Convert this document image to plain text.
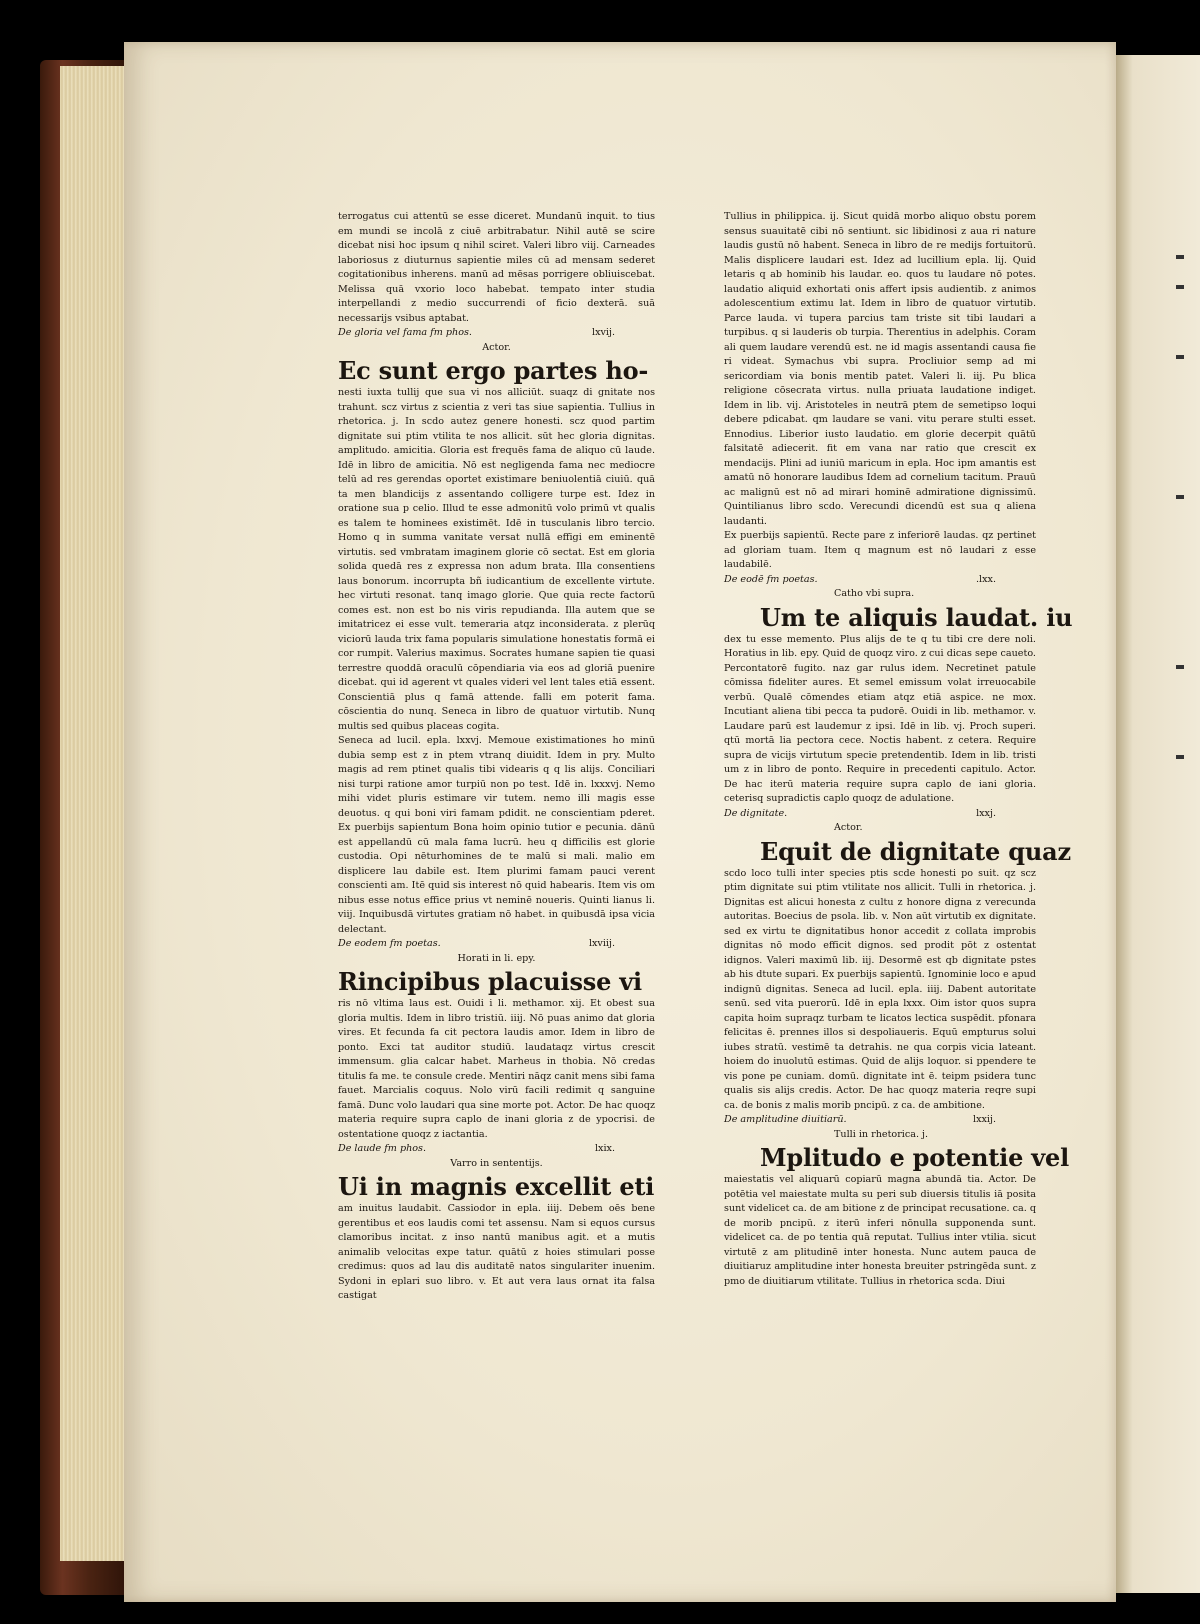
terrogatus cui attentū se esse diceret. Mundanū inquit. to tius em mundi se incolā z ciuē arbitrabatur. Nihil autē se scire dicebat nisi hoc ipsum q nihil sciret. Valeri libro viij. Carneades laboriosus z diuturnus sapientie miles cū ad mensam sederet cogitationibus inherens. manū ad mēsas porrigere obliuiscebat. Melissa quā vxorio loco habebat. tempato inter studia interpellandi z medio succurrendi of ficio dexterā. suā necessarijs vsibus aptabat.

lxvij.
De gloria vel fama fm phos.
Actor.
Ec sunt ergo partes ho-

nesti iuxta tullij que sua vi nos alliciūt. suaqz di gnitate nos trahunt. scz virtus z scientia z veri tas siue sapientia. Tullius in rhetorica. j. In scdo autez genere honesti. scz quod partim dignitate sui ptim vtilita te nos allicit. sūt hec gloria dignitas. amplitudo. amicitia. Gloria est frequēs fama de aliquo cū laude. Idē in libro de amicitia. Nō est negligenda fama nec mediocre telū ad res gerendas oportet existimare beniuolentiā ciuiū. quā ta men blandicijs z assentando colligere turpe est. Idez in oratione sua p celio. Illud te esse admonitū volo primū vt qualis es talem te hominees existimēt. Idē in tusculanis libro tercio. Homo q in summa vanitate versat nullā effigi em eminentē virtutis. sed vmbratam imaginem glorie cō sectat. Est em gloria solida quedā res z expressa non adum brata. Illa consentiens laus bonorum. incorrupta bñ iudicantium de excellente virtute. hec virtuti resonat. tanq imago glorie. Que quia recte factorū comes est. non est bo nis viris repudianda. Illa autem que se imitatricez ei esse vult. temeraria atqz inconsiderata. z plerūq viciorū lauda trix fama popularis simulatione honestatis formā ei cor rumpit. Valerius maximus. Socrates humane sapien tie quasi terrestre quoddā oraculū cōpendiaria via eos ad gloriā puenire dicebat. qui id agerent vt quales videri vel lent tales etiā essent. Conscientiā plus q famā attende. falli em poterit fama. cōscientia do nunq. Seneca in libro de quatuor virtutib. Nunq multis sed quibus placeas cogita.

Seneca ad lucil. epla. lxxvj. Memoue existimationes ho minū dubia semp est z in ptem vtranq diuidit. Idem in pry. Multo magis ad rem ptinet qualis tibi videaris q q lis alijs. Conciliari nisi turpi ratione amor turpiū non po test. Idē in. lxxxvj. Nemo mihi videt pluris estimare vir tutem. nemo illi magis esse deuotus. q qui boni viri famam pdidit. ne conscientiam pderet. Ex puerbijs sapientum Bona hoim opinio tutior e pecunia. dānū est appellandū cū mala fama lucrū. heu q difficilis est glorie custodia. Opi nēturhomines de te malū si mali. malio em displicere lau dabile est. Item plurimi famam pauci verent conscienti am. Itē quid sis interest nō quid habearis. Item vis om nibus esse notus effice prius vt neminē noueris. Quinti lianus li. viij. Inquibusdā virtutes gratiam nō habet. in quibusdā ipsa vicia delectant.

lxviij.
De eodem fm poetas.
Horati in li. epy.
Rincipibus placuisse vi

ris nō vltima laus est. Ouidi i li. methamor. xij. Et obest sua gloria multis. Idem in libro tristiū. iiij. Nō puas animo dat gloria vires. Et fecunda fa cit pectora laudis amor. Idem in libro de ponto. Exci tat auditor studiū. laudataqz virtus crescit immensum. glia calcar habet. Marheus in thobia. Nō credas titulis fa me. te consule crede. Mentiri nāqz canit mens sibi fama fauet. Marcialis coquus. Nolo virū facili redimit q sanguine famā. Dunc volo laudari qua sine morte pot. Actor. De hac quoqz materia require supra caplo de inani gloria z de ypocrisi. de ostentatione quoqz z iactantia.

lxix.
De laude fm phos.
Varro in sententijs.
Ui in magnis excellit eti

am inuitus laudabit. Cassiodor in epla. iiij. Debem oēs bene gerentibus et eos laudis comi tet assensu. Nam si equos cursus clamoribus incitat. z inso nantū manibus agit. et a mutis animalib velocitas expe tatur. quātū z hoies stimulari posse credimus: quos ad lau dis auditatē natos singulariter inuenim. Sydoni in eplari suo libro. v. Et aut vera laus ornat ita falsa castigat

Tullius in philippica. ij. Sicut quidā morbo aliquo obstu porem sensus suauitatē cibi nō sentiunt. sic libidinosi z aua ri nature laudis gustū nō habent. Seneca in libro de re medijs fortuitorū. Malis displicere laudari est. Idez ad lucillium epla. lij. Quid letaris q ab hominib his laudar. eo. quos tu laudare nō potes. laudatio aliquid exhortati onis affert ipsis audientib. z animos adolescentium extimu lat. Idem in libro de quatuor virtutib. Parce lauda. vi tupera parcius tam triste sit tibi laudari a turpibus. q si lauderis ob turpia. Therentius in adelphis. Coram ali quem laudare verendū est. ne id magis assentandi causa fie ri videat. Symachus vbi supra. Procliuior semp ad mi sericordiam via bonis mentib patet. Valeri li. iij. Pu blica religione cōsecrata virtus. nulla priuata laudatione indiget. Idem in lib. vij. Aristoteles in neutrā ptem de semetipso loqui debere pdicabat. qm laudare se vani. vitu perare stulti esset. Ennodius. Liberior iusto laudatio. em glorie decerpit quātū falsitatē adiecerit. fit em vana nar ratio que crescit ex mendacijs. Plini ad iuniū maricum in epla. Hoc ipm amantis est amatū nō honorare laudibus Idem ad cornelium tacitum. Prauū ac malignū est nō ad mirari hominē admiratione dignissimū. Quintilianus libro scdo. Verecundi dicendū est sua q aliena laudanti.

Ex puerbijs sapientū. Recte pare z inferiorē laudas. qz pertinet ad gloriam tuam. Item q magnum est nō laudari z esse laudabilē.

.lxx.
De eodē fm poetas.
Catho vbi supra.
Um te aliquis laudat. iu

dex tu esse memento. Plus alijs de te q tu tibi cre dere noli. Horatius in lib. epy. Quid de quoqz viro. z cui dicas sepe caueto. Percontatorē fugito. naz gar rulus idem. Necretinet patule cōmissa fideliter aures. Et semel emissum volat irreuocabile verbū. Qualē cōmendes etiam atqz etiā aspice. ne mox. Incutiant aliena tibi pecca ta pudorē. Ouidi in lib. methamor. v. Laudare parū est laudemur z ipsi. Idē in lib. vj. Proch superi. qtū mortā lia pectora cece. Noctis habent. z cetera. Require supra de vicijs virtutum specie pretendentib. Idem in lib. tristi um z in libro de ponto. Require in precedenti capitulo. Actor. De hac iterū materia require supra caplo de iani gloria. ceterisq supradictis caplo quoqz de adulatione.

lxxj.
De dignitate.
Actor.
Equit de dignitate quaz

scdo loco tulli inter species ptis scde honesti po suit. qz scz ptim dignitate sui ptim vtilitate nos allicit. Tulli in rhetorica. j. Dignitas est alicui honesta z cultu z honore digna z verecunda autoritas. Boecius de psola. lib. v. Non aūt virtutib ex dignitate. sed ex virtu te dignitatibus honor accedit z collata improbis dignitas nō modo efficit dignos. sed prodit pōt z ostentat idignos. Valeri maximū lib. iij. Desormē est qb dignitate pstes ab his dtute supari. Ex puerbijs sapientū. Ignominie loco e apud indignū dignitas. Seneca ad lucil. epla. iiij. Dabent autoritate senū. sed vita puerorū. Idē in epla lxxx. Oim istor quos supra capita hoim supraqz turbam te licatos lectica suspēdit. pfonara felicitas ē. prennes illos si despoliaueris. Equū empturus solui iubes stratū. vestimē ta detrahis. ne qua corpis vicia lateant. hoiem do inuolutū estimas. Quid de alijs loquor. si ppendere te vis pone pe cuniam. domū. dignitate int ē. teipm psidera tunc qualis sis alijs credis. Actor. De hac quoqz materia reqre supi ca. de bonis z malis morib pncipū. z ca. de ambitione.

lxxij.
De amplitudine diuitiarū.
Tulli in rhetorica. j.
Mplitudo e potentie vel

maiestatis vel aliquarū copiarū magna abundā tia. Actor. De potētia vel maiestate multa su peri sub diuersis titulis iā posita sunt videlicet ca. de am bitione z de principat recusatione. ca. q de morib pncipū. z iterū inferi nōnulla supponenda sunt. videlicet ca. de po tentia quā reputat. Tullius inter vtilia. sicut virtutē z am plitudinē inter honesta. Nunc autem pauca de diuitiaruz amplitudine inter honesta breuiter pstringēda sunt. z pmo de diuitiarum vtilitate. Tullius in rhetorica scda. Diui
